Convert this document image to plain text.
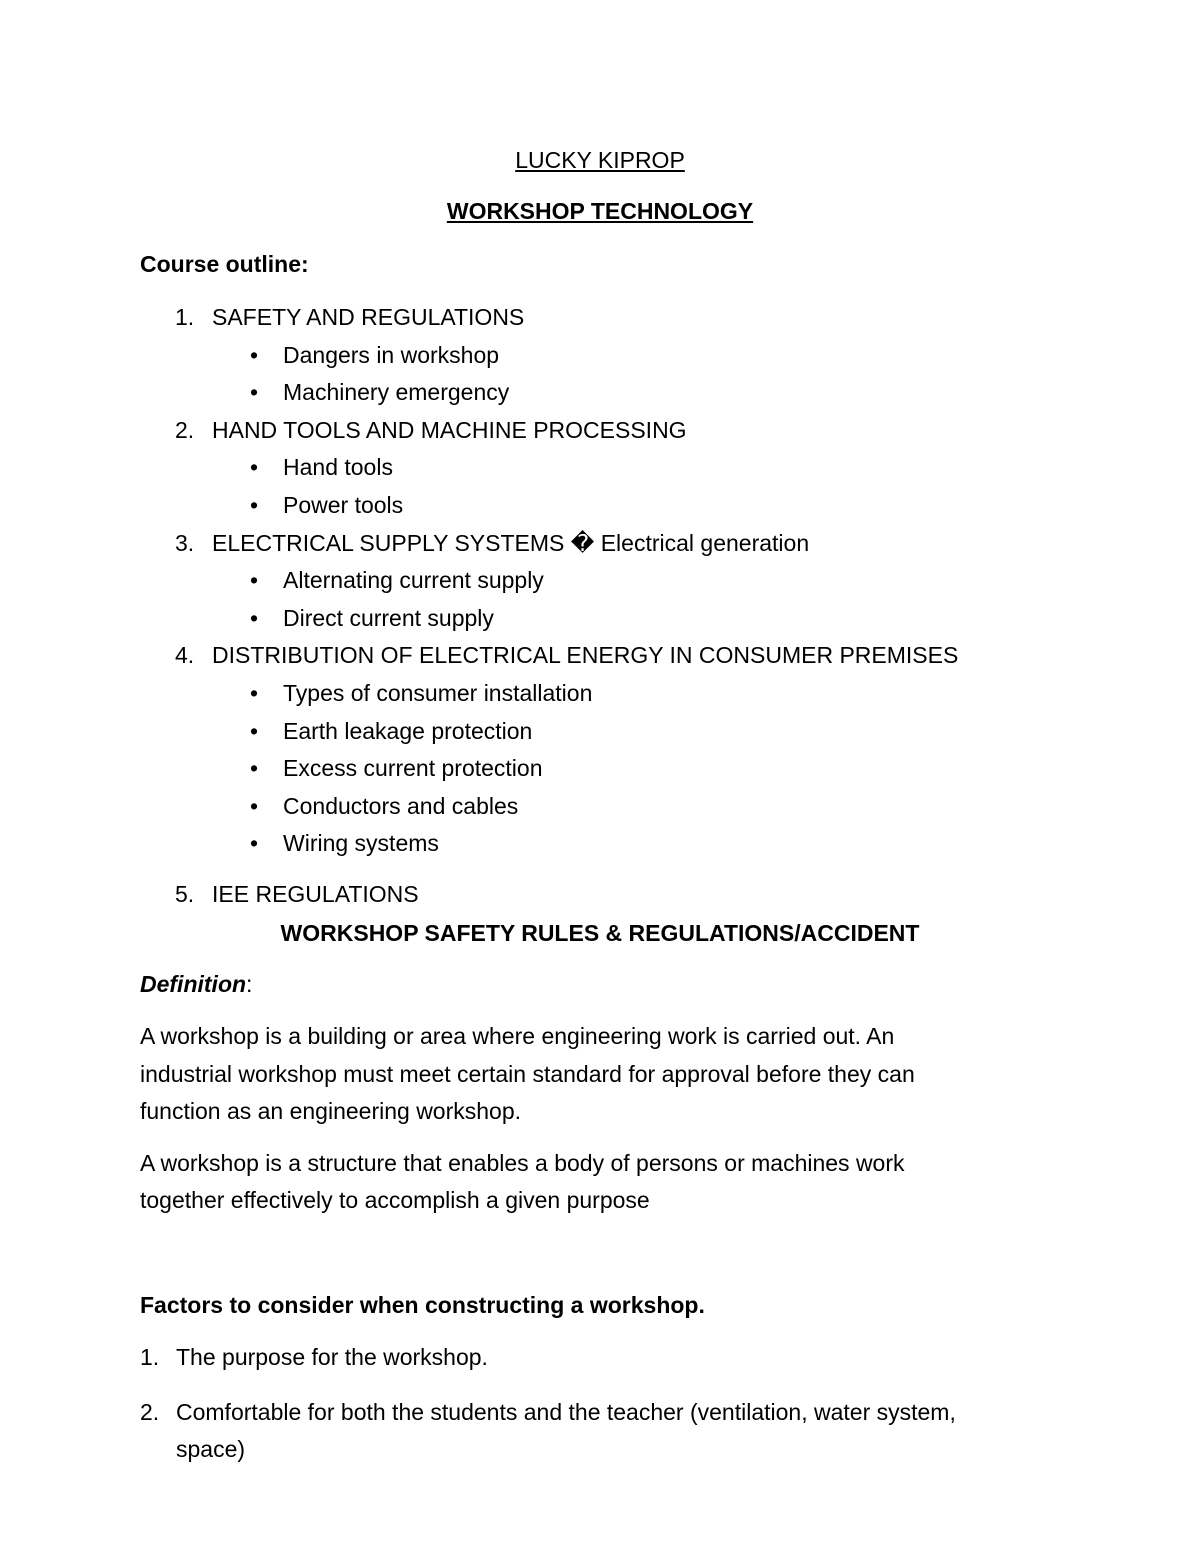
LUCKY KIPROP
WORKSHOP TECHNOLOGY
Course outline:
1. SAFETY AND REGULATIONS
• Dangers in workshop
• Machinery emergency
2. HAND TOOLS AND MACHINE PROCESSING
• Hand tools
• Power tools
3. ELECTRICAL SUPPLY SYSTEMS � Electrical generation
• Alternating current supply
• Direct current supply
4. DISTRIBUTION OF ELECTRICAL ENERGY IN CONSUMER PREMISES
• Types of consumer installation
• Earth leakage protection
• Excess current protection
• Conductors and cables
• Wiring systems
5. IEE REGULATIONS
WORKSHOP SAFETY RULES & REGULATIONS/ACCIDENT
Definition:
A workshop is a building or area where engineering work is carried out. An
industrial workshop must meet certain standard for approval before they can
function as an engineering workshop.
A workshop is a structure that enables a body of persons or machines work
together effectively to accomplish a given purpose
Factors to consider when constructing a workshop.
1. The purpose for the workshop.
2. Comfortable for both the students and the teacher (ventilation, water system,
space)
